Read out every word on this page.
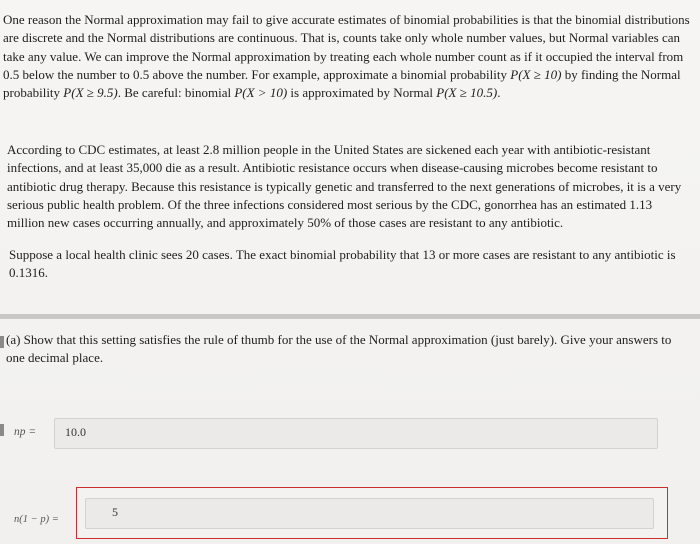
One reason the Normal approximation may fail to give accurate estimates of binomial probabilities is that the binomial distributions are discrete and the Normal distributions are continuous. That is, counts take only whole number values, but Normal variables can take any value. We can improve the Normal approximation by treating each whole number count as if it occupied the interval from 0.5 below the number to 0.5 above the number. For example, approximate a binomial probability P(X ≥ 10) by finding the Normal probability P(X ≥ 9.5). Be careful: binomial P(X > 10) is approximated by Normal P(X ≥ 10.5).

According to CDC estimates, at least 2.8 million people in the United States are sickened each year with antibiotic-resistant infections, and at least 35,000 die as a result. Antibiotic resistance occurs when disease-causing microbes become resistant to antibiotic drug therapy. Because this resistance is typically genetic and transferred to the next generations of microbes, it is a very serious public health problem. Of the three infections considered most serious by the CDC, gonorrhea has an estimated 1.13 million new cases occurring annually, and approximately 50% of those cases are resistant to any antibiotic.

Suppose a local health clinic sees 20 cases. The exact binomial probability that 13 or more cases are resistant to any antibiotic is 0.1316.

(a) Show that this setting satisfies the rule of thumb for the use of the Normal approximation (just barely). Give your answers to one decimal place.
np =	10.0
n(1 − p) =
5
